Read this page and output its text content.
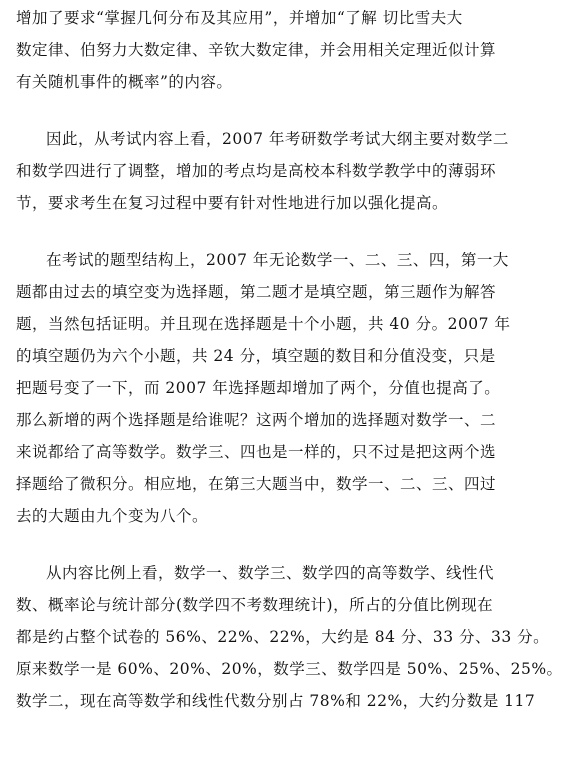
增加了要求“掌握几何分布及其应用”，并增加“了解 切比雪夫大
数定律、伯努力大数定律、辛钦大数定律，并会用相关定理近似计算
有关随机事件的概率”的内容。
因此，从考试内容上看，2007 年考研数学考试大纲主要对数学二
和数学四进行了调整，增加的考点均是高校本科数学教学中的薄弱环
节，要求考生在复习过程中要有针对性地进行加以强化提高。
在考试的题型结构上，2007 年无论数学一、二、三、四，第一大
题都由过去的填空变为选择题，第二题才是填空题，第三题作为解答
题，当然包括证明。并且现在选择题是十个小题，共 40 分。2007 年
的填空题仍为六个小题，共 24 分，填空题的数目和分值没变，只是
把题号变了一下，而 2007 年选择题却增加了两个，分值也提高了。
那么新增的两个选择题是给谁呢？这两个增加的选择题对数学一、二
来说都给了高等数学。数学三、四也是一样的，只不过是把这两个选
择题给了微积分。相应地，在第三大题当中，数学一、二、三、四过
去的大题由九个变为八个。
从内容比例上看，数学一、数学三、数学四的高等数学、线性代
数、概率论与统计部分(数学四不考数理统计)，所占的分值比例现在
都是约占整个试卷的 56%、22%、22%，大约是 84 分、33 分、33 分。
原来数学一是 60%、20%、20%，数学三、数学四是 50%、25%、25%。
数学二，现在高等数学和线性代数分别占 78%和 22%，大约分数是 117
